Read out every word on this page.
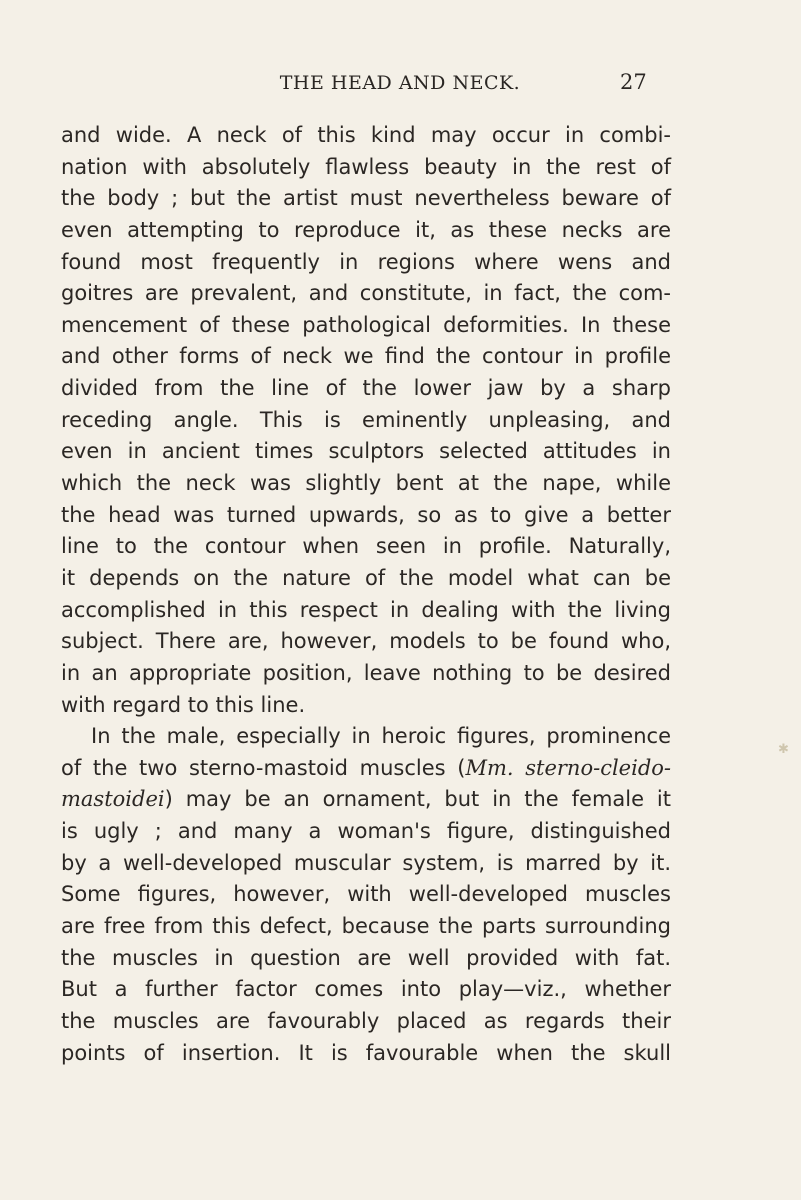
THE HEAD AND NECK.	27
and wide. A neck of this kind may occur in combi-
nation with absolutely flawless beauty in the rest of
the body ; but the artist must nevertheless beware of
even attempting to reproduce it, as these necks are
found most frequently in regions where wens and
goitres are prevalent, and constitute, in fact, the com-
mencement of these pathological deformities. In these
and other forms of neck we find the contour in profile
divided from the line of the lower jaw by a sharp
receding angle. This is eminently unpleasing, and
even in ancient times sculptors selected attitudes in
which the neck was slightly bent at the nape, while
the head was turned upwards, so as to give a better
line to the contour when seen in profile. Naturally,
it depends on the nature of the model what can be
accomplished in this respect in dealing with the living
subject. There are, however, models to be found who,
in an appropriate position, leave nothing to be desired
with regard to this line.
In the male, especially in heroic figures, prominence
of the two sterno-mastoid muscles (Mm. sterno-cleido-
mastoidei) may be an ornament, but in the female it
is ugly ; and many a woman's figure, distinguished
by a well-developed muscular system, is marred by it.
Some figures, however, with well-developed muscles
are free from this defect, because the parts surrounding
the muscles in question are well provided with fat.
But a further factor comes into play—viz., whether
the muscles are favourably placed as regards their
points of insertion. It is favourable when the skull
✱
